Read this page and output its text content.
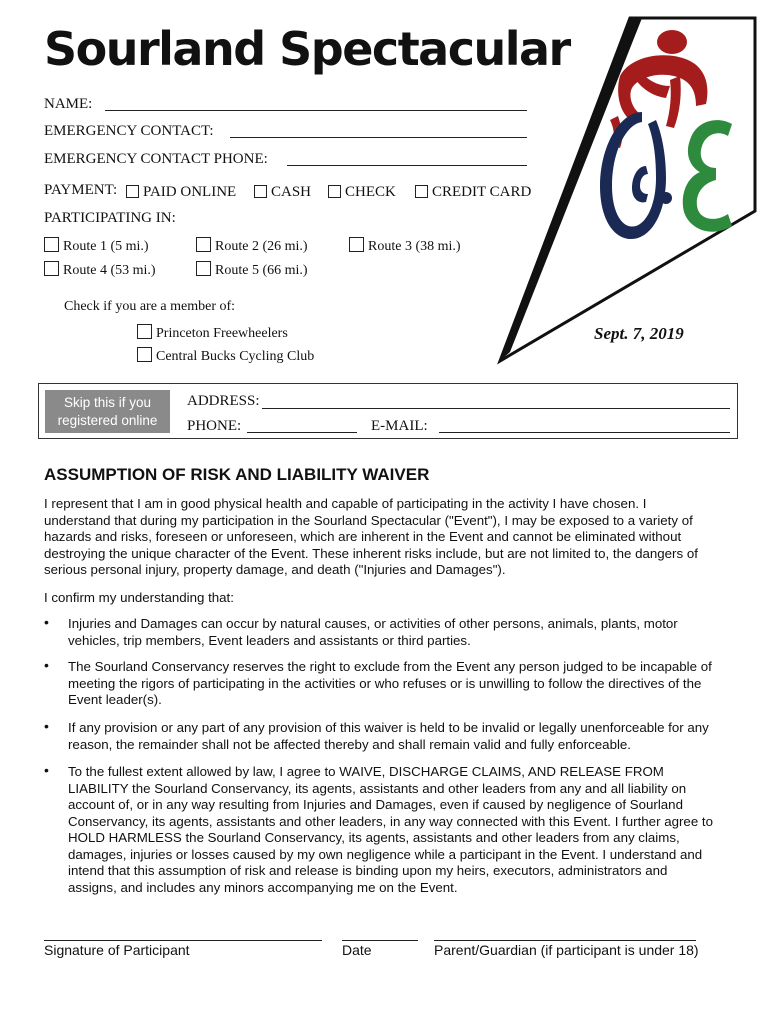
Sourland Spectacular
Sept. 7, 2019
NAME:
EMERGENCY CONTACT:
EMERGENCY CONTACT PHONE:
PAYMENT:	PAID ONLINE	CASH	CHECK	CREDIT CARD
PARTICIPATING IN:
Route 1 (5 mi.)	Route 2 (26 mi.)	Route 3 (38 mi.)
Route 4 (53 mi.)	Route 5 (66 mi.)
Check if you are a member of:
Princeton Freewheelers
Central Bucks Cycling Club
Skip this if you
registered online
ADDRESS:
PHONE:	E-MAIL:
ASSUMPTION OF RISK AND LIABILITY WAIVER
I represent that I am in good physical health and capable of participating in the activity I have chosen. I understand that during my participation in the Sourland Spectacular ("Event"), I may be exposed to a variety of hazards and risks, foreseen or unforeseen, which are inherent in the Event and cannot be eliminated without destroying the unique character of the Event. These inherent risks include, but are not limited to, the dangers of serious personal injury, property damage, and death ("Injuries and Damages").
I confirm my understanding that:
• Injuries and Damages can occur by natural causes, or activities of other persons, animals, plants, motor vehicles, trip members, Event leaders and assistants or third parties.
• The Sourland Conservancy reserves the right to exclude from the Event any person judged to be incapable of meeting the rigors of participating in the activities or who refuses or is unwilling to follow the directives of the Event leader(s).
• If any provision or any part of any provision of this waiver is held to be invalid or legally unenforceable for any reason, the remainder shall not be affected thereby and shall remain valid and fully enforceable.
• To the fullest extent allowed by law, I agree to WAIVE, DISCHARGE CLAIMS, AND RELEASE FROM LIABILITY the Sourland Conservancy, its agents, assistants and other leaders from any and all liability on account of, or in any way resulting from Injuries and Damages, even if caused by negligence of Sourland Conservancy, its agents, assistants and other leaders, in any way connected with this Event. I further agree to HOLD HARMLESS the Sourland Conservancy, its agents, assistants and other leaders from any claims, damages, injuries or losses caused by my own negligence while a participant in the Event. I understand and intend that this assumption of risk and release is binding upon my heirs, executors, administrators and assigns, and includes any minors accompanying me on the Event.
Signature of Participant	Date	Parent/Guardian (if participant is under 18)
